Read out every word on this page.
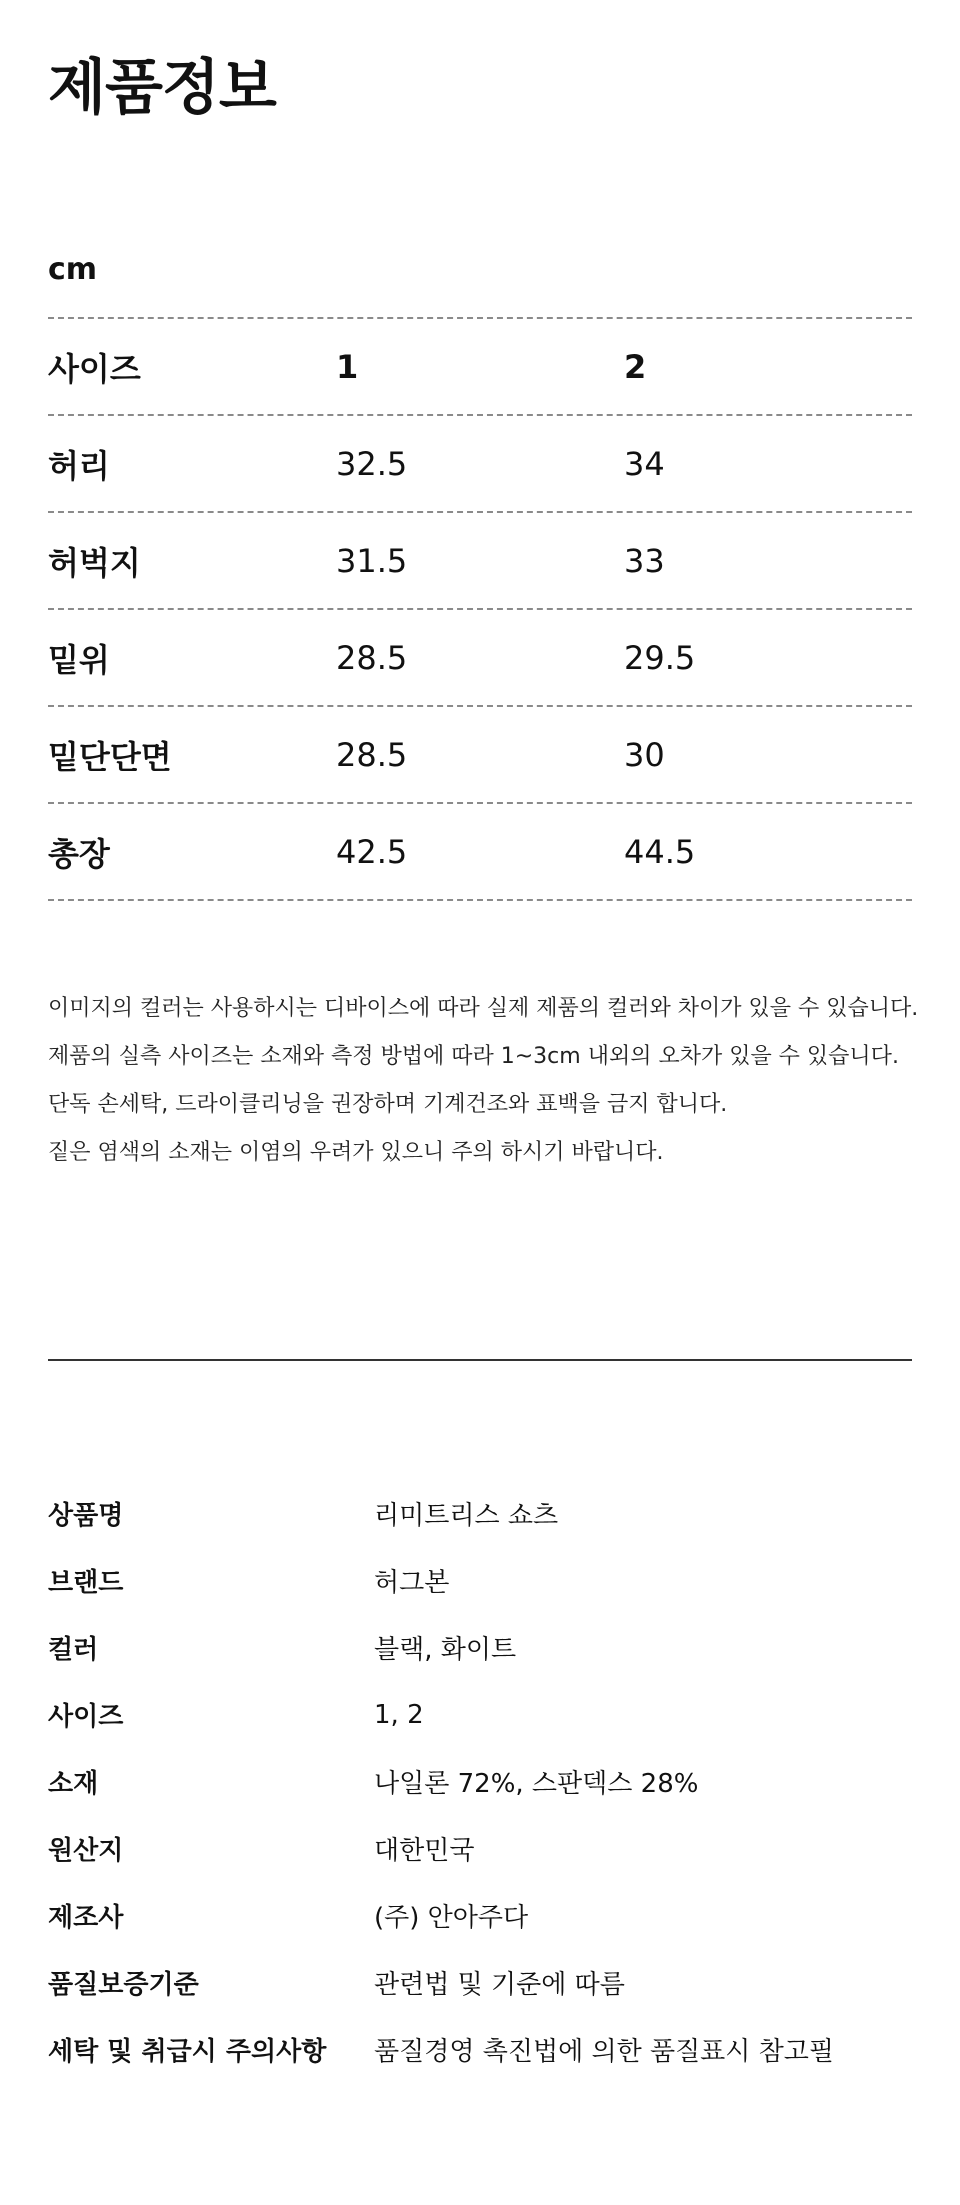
제품정보
cm
사이즈	1	2
허리	32.5	34
허벅지	31.5	33
밑위	28.5	29.5
밑단단면	28.5	30
총장	42.5	44.5

이미지의 컬러는 사용하시는 디바이스에 따라 실제 제품의 컬러와 차이가 있을 수 있습니다.

제품의 실측 사이즈는 소재와 측정 방법에 따라 1~3cm 내외의 오차가 있을 수 있습니다.

단독 손세탁, 드라이클리닝을 권장하며 기계건조와 표백을 금지 합니다.

짙은 염색의 소재는 이염의 우려가 있으니 주의 하시기 바랍니다.

상품명	리미트리스 쇼츠
브랜드	허그본
컬러	블랙, 화이트
사이즈	1, 2
소재	나일론 72%, 스판덱스 28%
원산지	대한민국
제조사	(주) 안아주다
품질보증기준	관련법 및 기준에 따름
세탁 및 취급시 주의사항	품질경영 촉진법에 의한 품질표시 참고필
